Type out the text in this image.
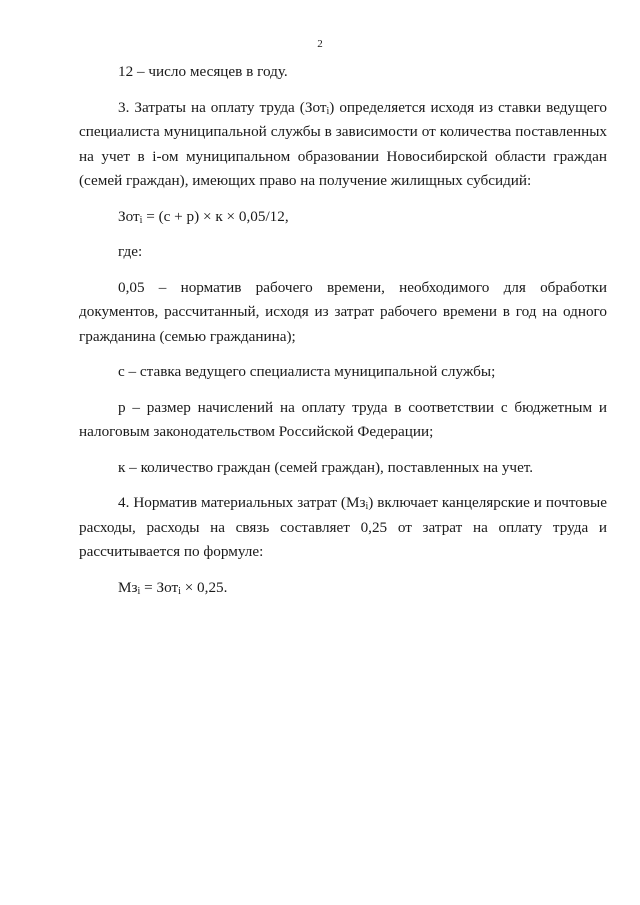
2

12 – число месяцев в году.

3. Затраты на оплату труда (Зот$_i$) определяется исходя из ставки ведущего специалиста муниципальной службы в зависимости от количества поставленных на учет в i-ом муниципальном образовании Новосибирской области граждан (семей граждан), имеющих право на получение жилищных субсидий:

Зот$_i$ = (с + р) × к × 0,05/12,

где:

0,05 – норматив рабочего времени, необходимого для обработки документов, рассчитанный, исходя из затрат рабочего времени в год на одного гражданина (семью гражданина);

с – ставка ведущего специалиста муниципальной службы;

р – размер начислений на оплату труда в соответствии с бюджетным и налоговым законодательством Российской Федерации;

к – количество граждан (семей граждан), поставленных на учет.

4. Норматив материальных затрат $(Мз_i)$ включает канцелярские и почтовые расходы, расходы на связь составляет 0,25 от затрат на оплату труда и рассчитывается по формуле:

$Мз_i = Зот_i \times 0,25$.
